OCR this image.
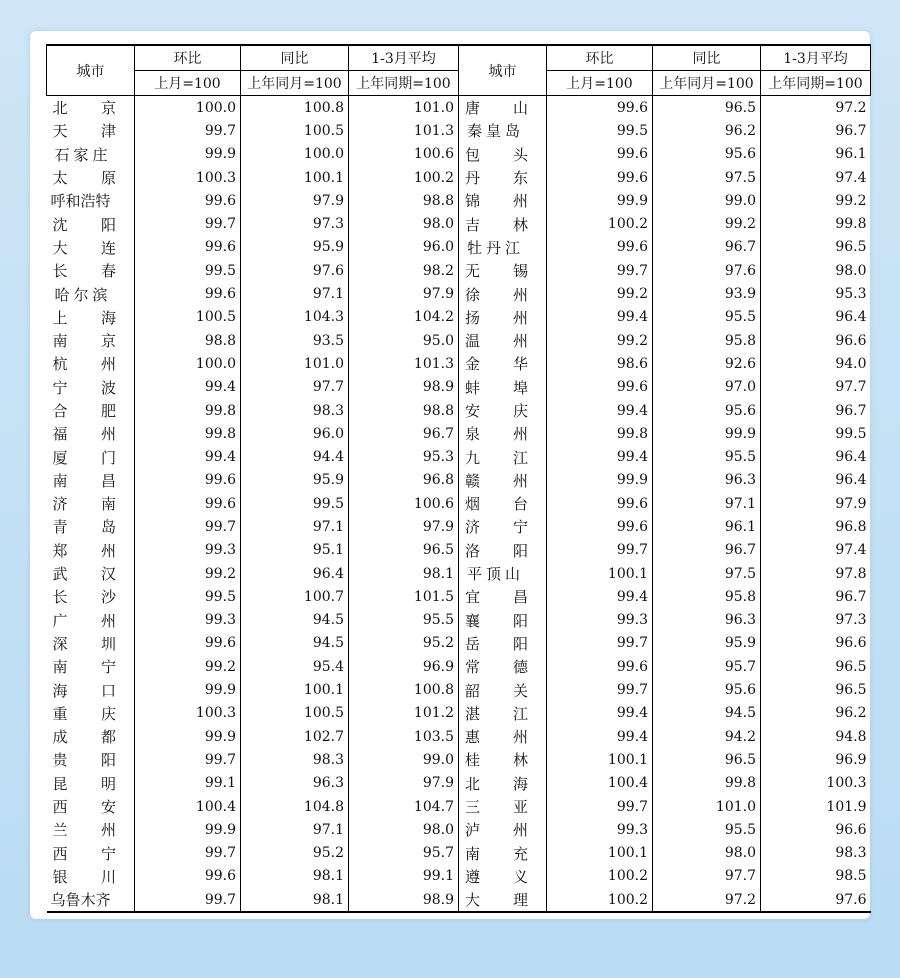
城市	环比	同比	1-3月平均	城市	环比	同比	1-3月平均
	上月=100	上年同月=100	上年同期=100		上月=100	上年同月=100	上年同期=100
北京	100.0	100.8	101.0	唐山	99.6	96.5	97.2
天津	99.7	100.5	101.3	秦皇岛	99.5	96.2	96.7
石家庄	99.9	100.0	100.6	包头	99.6	95.6	96.1
太原	100.3	100.1	100.2	丹东	99.6	97.5	97.4
呼和浩特	99.6	97.9	98.8	锦州	99.9	99.0	99.2
沈阳	99.7	97.3	98.0	吉林	100.2	99.2	99.8
大连	99.6	95.9	96.0	牡丹江	99.6	96.7	96.5
长春	99.5	97.6	98.2	无锡	99.7	97.6	98.0
哈尔滨	99.6	97.1	97.9	徐州	99.2	93.9	95.3
上海	100.5	104.3	104.2	扬州	99.4	95.5	96.4
南京	98.8	93.5	95.0	温州	99.2	95.8	96.6
杭州	100.0	101.0	101.3	金华	98.6	92.6	94.0
宁波	99.4	97.7	98.9	蚌埠	99.6	97.0	97.7
合肥	99.8	98.3	98.8	安庆	99.4	95.6	96.7
福州	99.8	96.0	96.7	泉州	99.8	99.9	99.5
厦门	99.4	94.4	95.3	九江	99.4	95.5	96.4
南昌	99.6	95.9	96.8	赣州	99.9	96.3	96.4
济南	99.6	99.5	100.6	烟台	99.6	97.1	97.9
青岛	99.7	97.1	97.9	济宁	99.6	96.1	96.8
郑州	99.3	95.1	96.5	洛阳	99.7	96.7	97.4
武汉	99.2	96.4	98.1	平顶山	100.1	97.5	97.8
长沙	99.5	100.7	101.5	宜昌	99.4	95.8	96.7
广州	99.3	94.5	95.5	襄阳	99.3	96.3	97.3
深圳	99.6	94.5	95.2	岳阳	99.7	95.9	96.6
南宁	99.2	95.4	96.9	常德	99.6	95.7	96.5
海口	99.9	100.1	100.8	韶关	99.7	95.6	96.5
重庆	100.3	100.5	101.2	湛江	99.4	94.5	96.2
成都	99.9	102.7	103.5	惠州	99.4	94.2	94.8
贵阳	99.7	98.3	99.0	桂林	100.1	96.5	96.9
昆明	99.1	96.3	97.9	北海	100.4	99.8	100.3
西安	100.4	104.8	104.7	三亚	99.7	101.0	101.9
兰州	99.9	97.1	98.0	泸州	99.3	95.5	96.6
西宁	99.7	95.2	95.7	南充	100.1	98.0	98.3
银川	99.6	98.1	99.1	遵义	100.2	97.7	98.5
乌鲁木齐	99.7	98.1	98.9	大理	100.2	97.2	97.6
